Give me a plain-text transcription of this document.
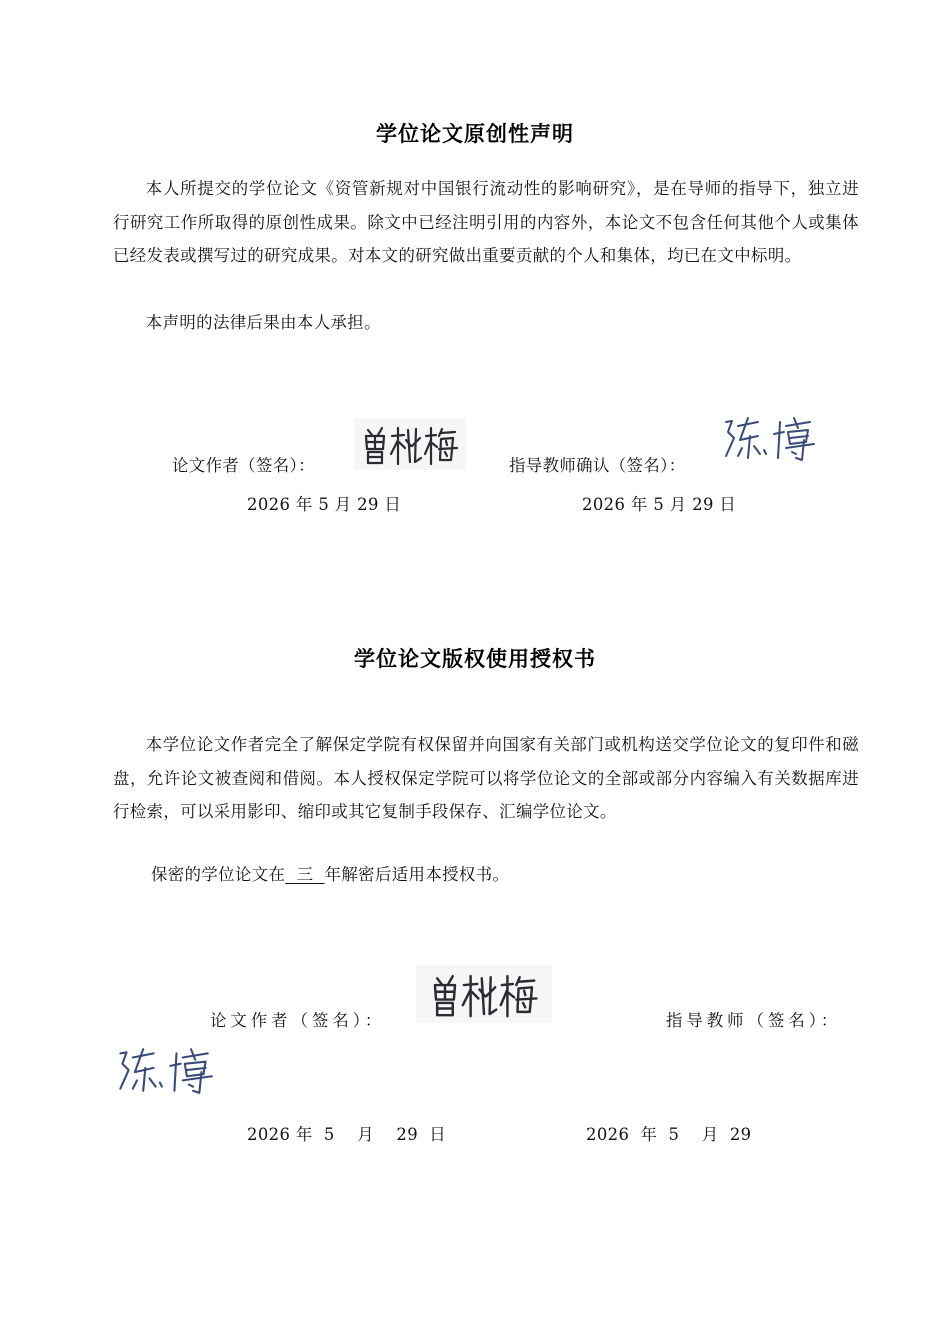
学位论文原创性声明

本人所提交的学位论文《资管新规对中国银行流动性的影响研究》，是在导师的指导下，独立进行研究工作所取得的原创性成果。除文中已经注明引用的内容外，本论文不包含任何其他个人或集体已经发表或撰写过的研究成果。对本文的研究做出重要贡献的个人和集体，均已在文中标明。

本声明的法律后果由本人承担。

论文作者（签名）：	指导教师确认（签名）：
2026 年 5 月 29 日	2026 年 5 月 29 日
学位论文版权使用授权书

本学位论文作者完全了解保定学院有权保留并向国家有关部门或机构送交学位论文的复印件和磁盘，允许论文被查阅和借阅。本人授权保定学院可以将学位论文的全部或部分内容编入有关数据库进行检索，可以采用影印、缩印或其它复制手段保存、汇编学位论文。

保密的学位论文在 三 年解密后适用本授权书。
论文作者（签名）：	指导教师（签名）：
2026 年  5    月    29  日	2026  年  5    月  29
